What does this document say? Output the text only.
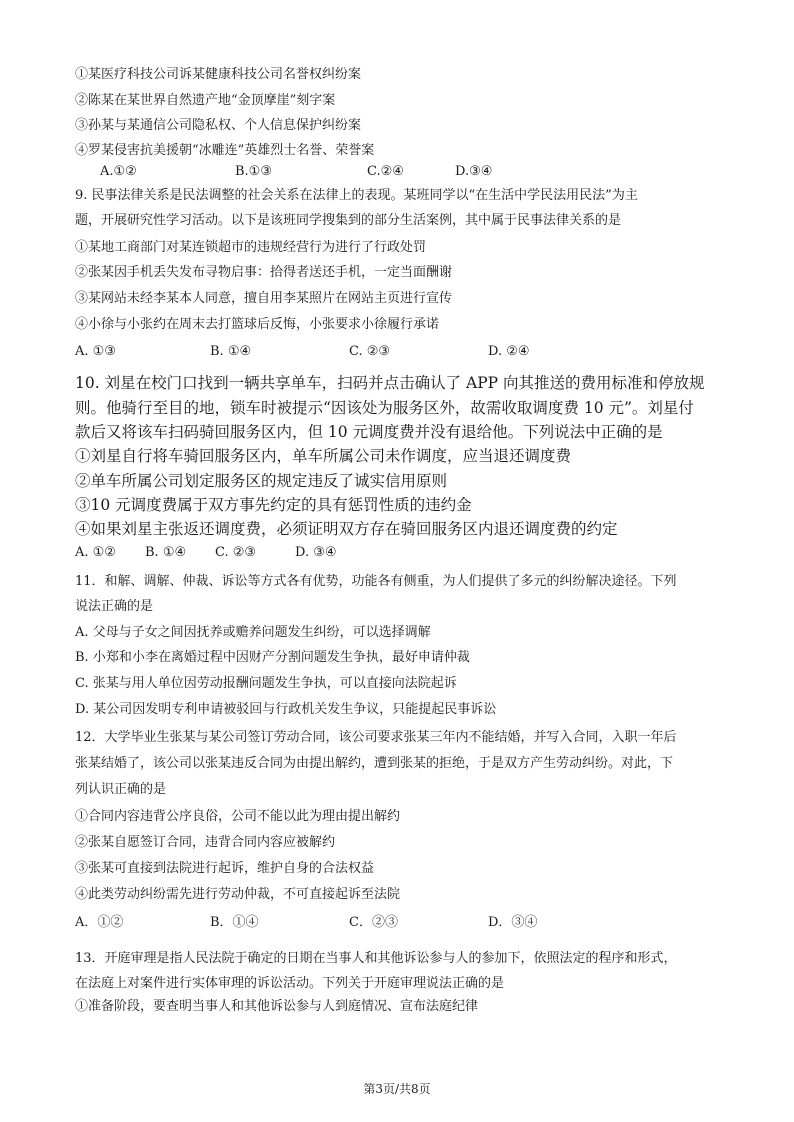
①某医疗科技公司诉某健康科技公司名誉权纠纷案
②陈某在某世界自然遗产地“金顶摩崖”刻字案
③孙某与某通信公司隐私权、个人信息保护纠纷案
④罗某侵害抗美援朝“冰雕连”英雄烈士名誉、荣誉案
A.①②	B.①③	C.②④	D.③④
9. 民事法律关系是民法调整的社会关系在法律上的表现。某班同学以“在生活中学民法用民法”为主
题，开展研究性学习活动。以下是该班同学搜集到的部分生活案例，其中属于民事法律关系的是
①某地工商部门对某连锁超市的违规经营行为进行了行政处罚
②张某因手机丢失发布寻物启事：拾得者送还手机，一定当面酬谢
③某网站未经李某本人同意，擅自用李某照片在网站主页进行宣传
④小徐与小张约在周末去打篮球后反悔，小张要求小徐履行承诺
A. ①③	B. ①④	C. ②③	D. ②④
10. 刘星在校门口找到一辆共享单车，扫码并点击确认了 APP 向其推送的费用标准和停放规
则。他骑行至目的地，锁车时被提示“因该处为服务区外，故需收取调度费 10 元”。刘星付
款后又将该车扫码骑回服务区内，但 10 元调度费并没有退给他。下列说法中正确的是
①刘星自行将车骑回服务区内，单车所属公司未作调度，应当退还调度费
②单车所属公司划定服务区的规定违反了诚实信用原则
③10 元调度费属于双方事先约定的具有惩罚性质的违约金
④如果刘星主张返还调度费，必须证明双方存在骑回服务区内退还调度费的约定
A. ①② B. ①④ C. ②③	D. ③④
11．和解、调解、仲裁、诉讼等方式各有优势，功能各有侧重，为人们提供了多元的纠纷解决途径。下列
说法正确的是
A. 父母与子女之间因抚养或赡养问题发生纠纷，可以选择调解
B. 小郑和小李在离婚过程中因财产分割问题发生争执，最好申请仲裁
C. 张某与用人单位因劳动报酬问题发生争执，可以直接向法院起诉
D. 某公司因发明专利申请被驳回与行政机关发生争议，只能提起民事诉讼
12．大学毕业生张某与某公司签订劳动合同，该公司要求张某三年内不能结婚，并写入合同，入职一年后
张某结婚了，该公司以张某违反合同为由提出解约，遭到张某的拒绝，于是双方产生劳动纠纷。对此，下
列认识正确的是
①合同内容违背公序良俗，公司不能以此为理由提出解约
②张某自愿签订合同，违背合同内容应被解约
③张某可直接到法院进行起诉，维护自身的合法权益
④此类劳动纠纷需先进行劳动仲裁，不可直接起诉至法院
A．①②	B．①④	C．②③	D．③④
13．开庭审理是指人民法院于确定的日期在当事人和其他诉讼参与人的参加下，依照法定的程序和形式，
在法庭上对案件进行实体审理的诉讼活动。下列关于开庭审理说法正确的是
①准备阶段，要查明当事人和其他诉讼参与人到庭情况、宣布法庭纪律
第3页/共8页
